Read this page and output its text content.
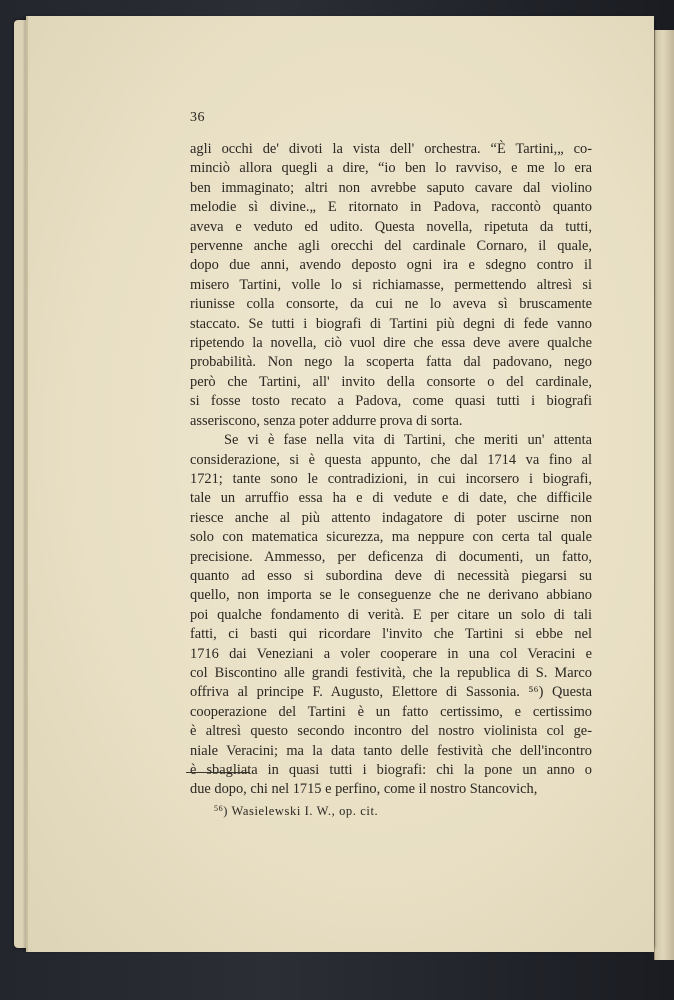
36
agli occhi de' divoti la vista dell' orchestra. “È Tartini,„ co-
minciò allora quegli a dire, “io ben lo ravviso, e me lo era
ben immaginato; altri non avrebbe saputo cavare dal violino
melodie sì divine.„ E ritornato in Padova, raccontò quanto
aveva e veduto ed udito. Questa novella, ripetuta da tutti,
pervenne anche agli orecchi del cardinale Cornaro, il quale,
dopo due anni, avendo deposto ogni ira e sdegno contro il
misero Tartini, volle lo si richiamasse, permettendo altresì si
riunisse colla consorte, da cui ne lo aveva sì bruscamente
staccato. Se tutti i biografi di Tartini più degni di fede vanno
ripetendo la novella, ciò vuol dire che essa deve avere qualche
probabilità. Non nego la scoperta fatta dal padovano, nego
però che Tartini, all' invito della consorte o del cardinale,
si fosse tosto recato a Padova, come quasi tutti i biografi
asseriscono, senza poter addurre prova di sorta.
Se vi è fase nella vita di Tartini, che meriti un' attenta
considerazione, si è questa appunto, che dal 1714 va fino al
1721; tante sono le contradizioni, in cui incorsero i biografi,
tale un arruffio essa ha e di vedute e di date, che difficile
riesce anche al più attento indagatore di poter uscirne non
solo con matematica sicurezza, ma neppure con certa tal quale
precisione. Ammesso, per deficenza di documenti, un fatto,
quanto ad esso si subordina deve di necessità piegarsi su
quello, non importa se le conseguenze che ne derivano abbiano
poi qualche fondamento di verità. E per citare un solo di tali
fatti, ci basti qui ricordare l'invito che Tartini si ebbe nel
1716 dai Veneziani a voler cooperare in una col Veracini e
col Biscontino alle grandi festività, che la republica di S. Marco
offriva al principe F. Augusto, Elettore di Sassonia. ⁵⁶) Questa
cooperazione del Tartini è un fatto certissimo, e certissimo
è altresì questo secondo incontro del nostro violinista col ge-
niale Veracini; ma la data tanto delle festività che dell'incontro
è sbagliata in quasi tutti i biografi: chi la pone un anno o
due dopo, chi nel 1715 e perfino, come il nostro Stancovich,
$^{56}$) Wasielewski I. W., op. cit.
